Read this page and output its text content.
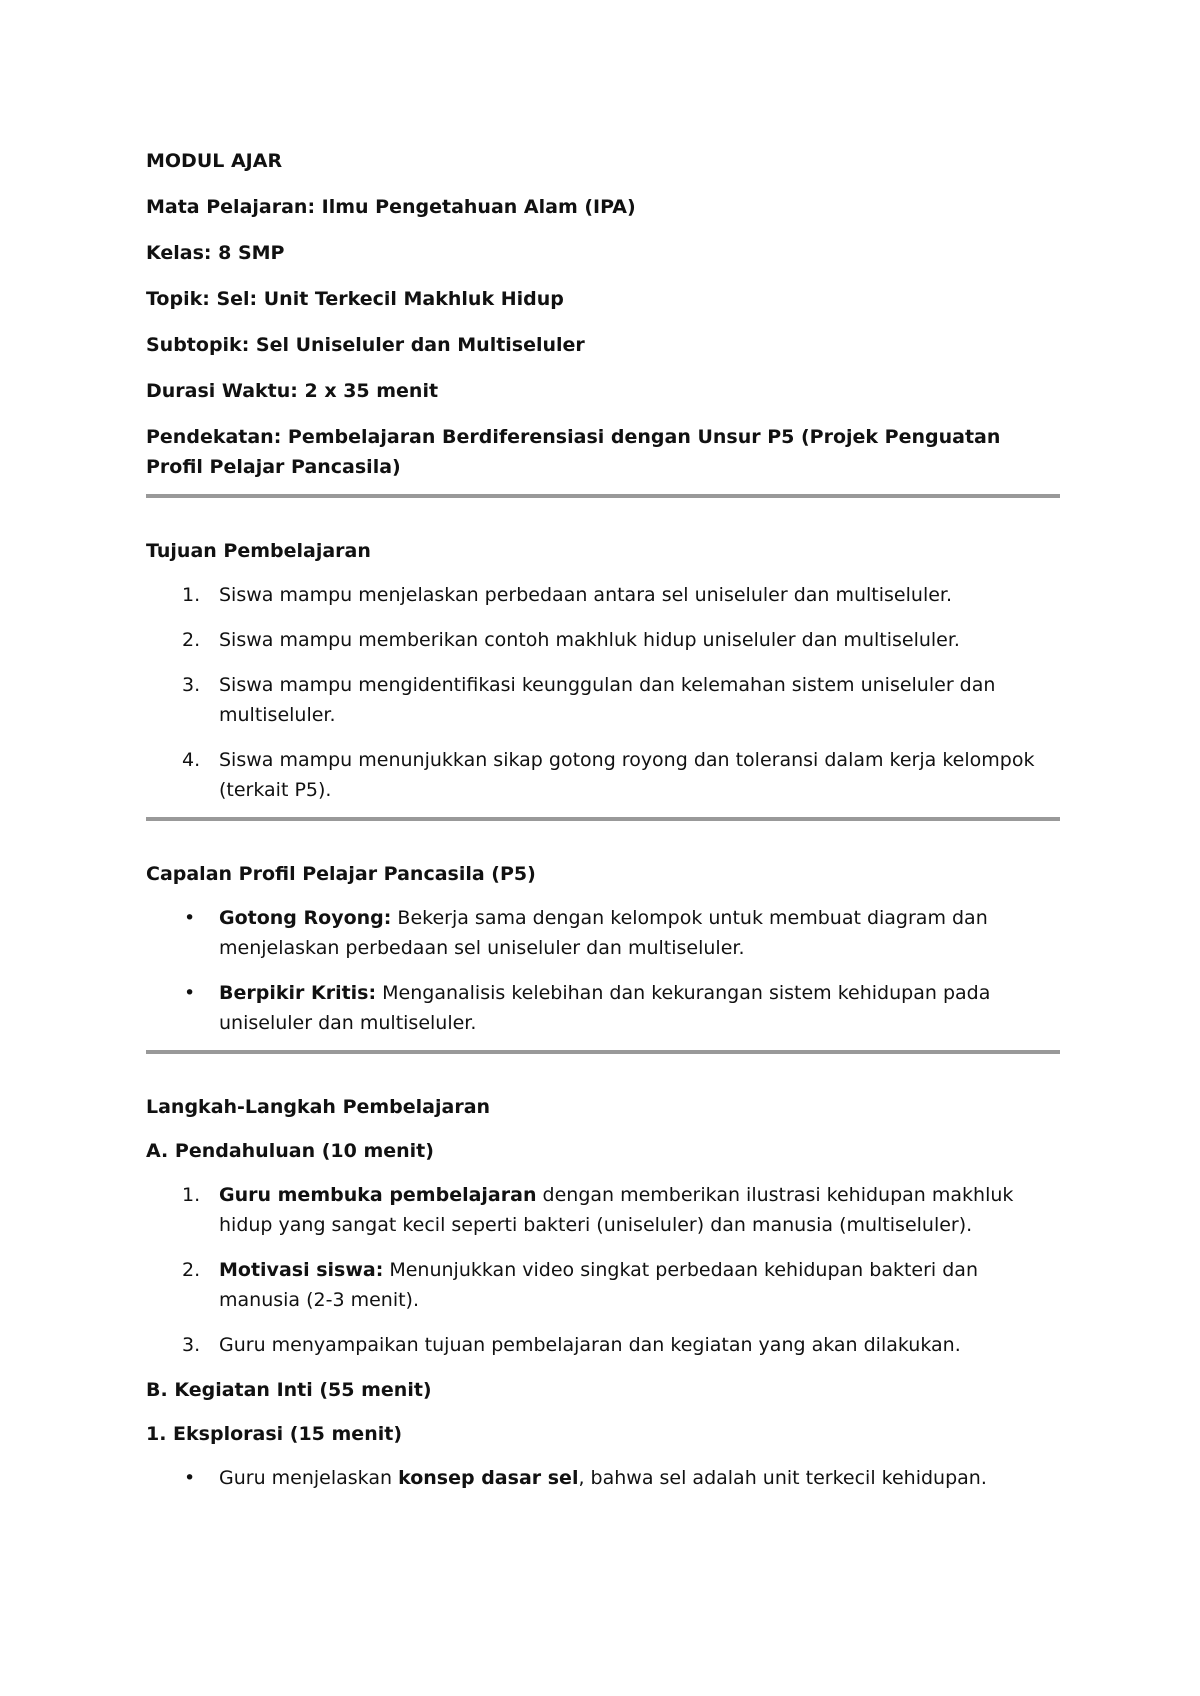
MODUL AJAR

Mata Pelajaran: Ilmu Pengetahuan Alam (IPA)

Kelas: 8 SMP

Topik: Sel: Unit Terkecil Makhluk Hidup

Subtopik: Sel Uniseluler dan Multiseluler

Durasi Waktu: 2 x 35 menit

Pendekatan: Pembelajaran Berdiferensiasi dengan Unsur P5 (Projek Penguatan Profil Pelajar Pancasila)

Tujuan Pembelajaran

1. Siswa mampu menjelaskan perbedaan antara sel uniseluler dan multiseluler.
2. Siswa mampu memberikan contoh makhluk hidup uniseluler dan multiseluler.
3. Siswa mampu mengidentifikasi keunggulan dan kelemahan sistem uniseluler dan multiseluler.
4. Siswa mampu menunjukkan sikap gotong royong dan toleransi dalam kerja kelompok (terkait P5).

Capalan Profil Pelajar Pancasila (P5)

• Gotong Royong: Bekerja sama dengan kelompok untuk membuat diagram dan menjelaskan perbedaan sel uniseluler dan multiseluler.
• Berpikir Kritis: Menganalisis kelebihan dan kekurangan sistem kehidupan pada uniseluler dan multiseluler.

Langkah-Langkah Pembelajaran

A. Pendahuluan (10 menit)

1. Guru membuka pembelajaran dengan memberikan ilustrasi kehidupan makhluk hidup yang sangat kecil seperti bakteri (uniseluler) dan manusia (multiseluler).
2. Motivasi siswa: Menunjukkan video singkat perbedaan kehidupan bakteri dan manusia (2-3 menit).
3. Guru menyampaikan tujuan pembelajaran dan kegiatan yang akan dilakukan.

B. Kegiatan Inti (55 menit)

1. Eksplorasi (15 menit)

• Guru menjelaskan konsep dasar sel, bahwa sel adalah unit terkecil kehidupan.
